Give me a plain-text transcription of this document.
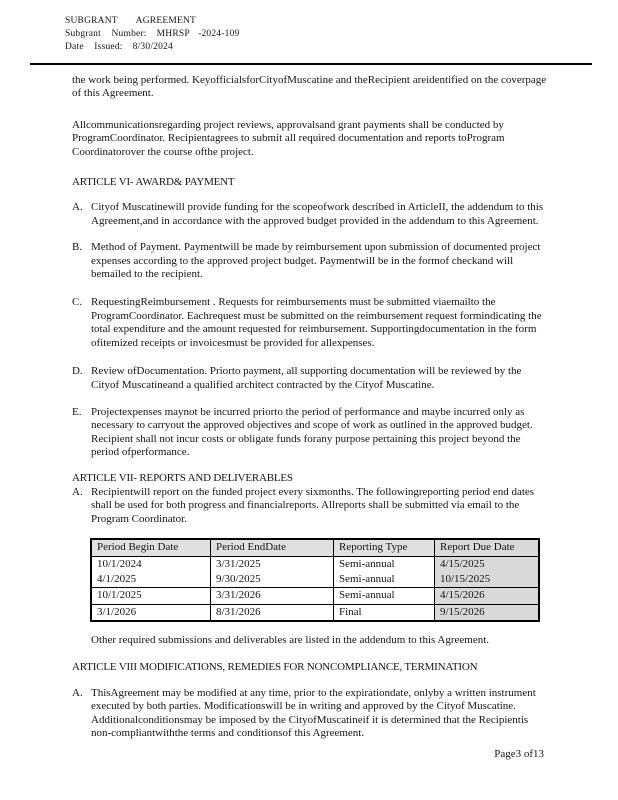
SUBGRANT AGREEMENT
Subgrant Number: MHRSP -2024-109
Date Issued: 8/30/2024

the work being performed. KeyofficialsforCityofMuscatine and theRecipient areidentified on the coverpage of this Agreement.

Allcommunicationsregarding project reviews, approvalsand grant payments shall be conducted by ProgramCoordinator. Recipientagrees to submit all required documentation and reports toProgram Coordinatorover the course ofthe project.

ARTICLE VI- AWARD& PAYMENT

A. Cityof Muscatinewill provide funding for the scopeofwork described in ArticleII, the addendum to this Agreement,and in accordance with the approved budget provided in the addendum to this Agreement.
B. Method of Payment. Paymentwill be made by reimbursement upon submission of documented project expenses according to the approved project budget. Paymentwill be in the formof checkand will bemailed to the recipient.
C. RequestingReimbursement . Requests for reimbursements must be submitted viaemailto the ProgramCoordinator. Eachrequest must be submitted on the reimbursement request formindicating the total expenditure and the amount requested for reimbursement. Supportingdocumentation in the form ofitemized receipts or invoicesmust be provided for allexpenses.
D. Review ofDocumentation. Priorto payment, all supporting documentation will be reviewed by the Cityof Muscatineand a qualified architect contracted by the Cityof Muscatine.
E. Projectexpenses maynot be incurred priorto the period of performance and maybe incurred only as necessary to carryout the approved objectives and scope of work as outlined in the approved budget. Recipient shall not incur costs or obligate funds forany purpose pertaining this project beyond the period ofperformance.

ARTICLE VII- REPORTS AND DELIVERABLES

A. Recipientwill report on the funded project every sixmonths. The followingreporting period end dates shall be used for both progress and financialreports. Allreports shall be submitted via email to the Program Coordinator.
Period Begin Date	Period EndDate	Reporting Type	Report Due Date
10/1/2024	3/31/2025	Semi-annual	4/15/2025
4/1/2025	9/30/2025	Semi-annual	10/15/2025
10/1/2025	3/31/2026	Semi-annual	4/15/2026
3/1/2026	8/31/2026	Final	9/15/2026

Other required submissions and deliverables are listed in the addendum to this Agreement.

ARTICLE VIII MODIFICATIONS, REMEDIES FOR NONCOMPLIANCE, TERMINATION

A. ThisAgreement may be modified at any time, prior to the expirationdate, onlyby a written instrument executed by both parties. Modificationswill be in writing and approved by the Cityof Muscatine. Additionalconditionsmay be imposed by the CityofMuscatineif it is determined that the Recipientis non-compliantwiththe terms and conditionsof this Agreement.
Page3 of13
